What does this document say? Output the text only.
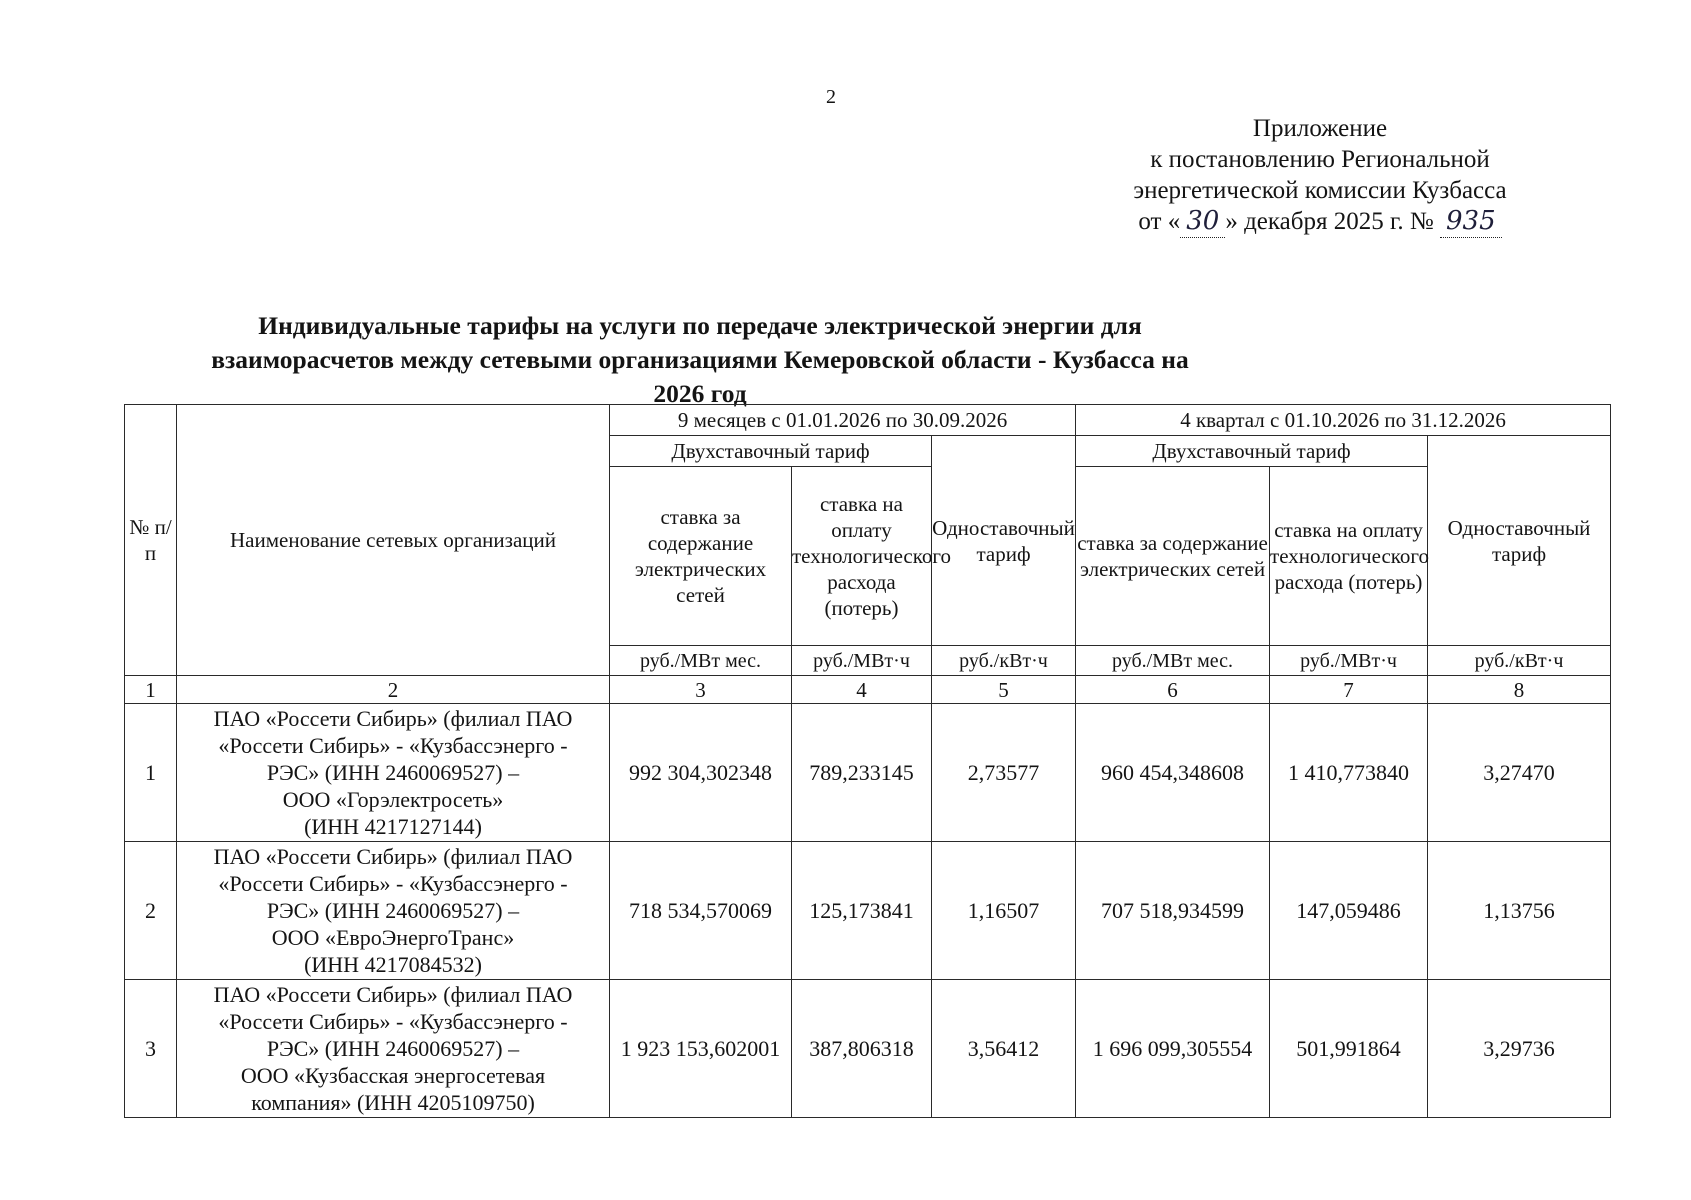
2
Приложение
к постановлению Региональной
энергетической комиссии Кузбасса
от « 30 » декабря 2025 г. № 935
Индивидуальные тарифы на услуги по передаче электрической энергии для
взаиморасчетов между сетевыми организациями Кемеровской области - Кузбасса на 2026 год
№ п/п	Наименование сетевых организаций	9 месяцев с 01.01.2026 по 30.09.2026			4 квартал с 01.10.2026 по 31.12.2026		
		Двухставочный тариф		Одноставочный тариф	Двухставочный тариф		Одноставочный тариф
		ставка за содержание электрических сетей	ставка на оплату технологического расхода (потерь)		ставка за содержание электрических сетей	ставка на оплату технологического расхода (потерь)	
		руб./МВт мес.	руб./МВт·ч	руб./кВт·ч	руб./МВт мес.	руб./МВт·ч	руб./кВт·ч
1	2	3	4	5	6	7	8
1	ПАО «Россети Сибирь» (филиал ПАО
«Россети Сибирь» - «Кузбассэнерго -
РЭС» (ИНН 2460069527) –
ООО «Горэлектросеть»
(ИНН 4217127144)	992 304,302348	789,233145	2,73577	960 454,348608	1 410,773840	3,27470
2	ПАО «Россети Сибирь» (филиал ПАО
«Россети Сибирь» - «Кузбассэнерго -
РЭС» (ИНН 2460069527) –
ООО «ЕвроЭнергоТранс»
(ИНН 4217084532)	718 534,570069	125,173841	1,16507	707 518,934599	147,059486	1,13756
3	ПАО «Россети Сибирь» (филиал ПАО
«Россети Сибирь» - «Кузбассэнерго -
РЭС» (ИНН 2460069527) –
ООО «Кузбасская энергосетевая
компания» (ИНН 4205109750)	1 923 153,602001	387,806318	3,56412	1 696 099,305554	501,991864	3,29736
